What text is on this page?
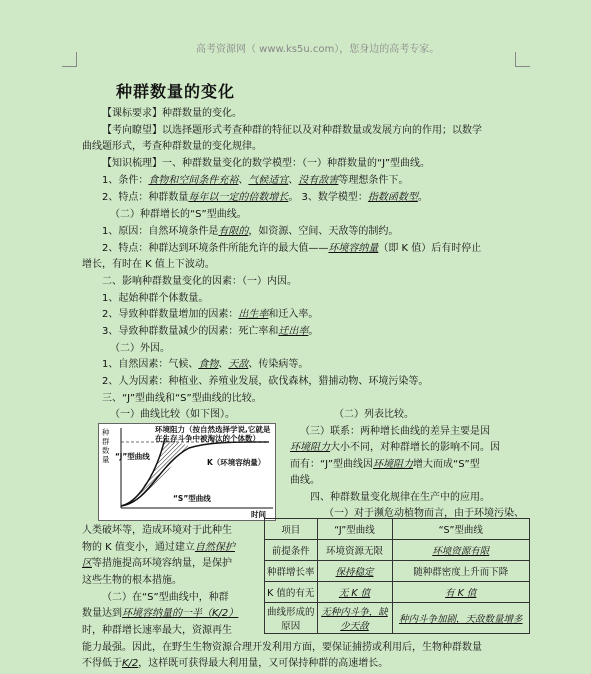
高考资源网（ www.ks5u.com），您身边的高考专家。
种群数量的变化
【课标要求】种群数量的变化。
【考向瞭望】以选择题形式考查种群的特征以及对种群数量或发展方向的作用；以数学
曲线题形式，考查种群数量的变化规律。
【知识梳理】一、种群数量变化的数学模型：（一）种群数量的“J”型曲线。
1、条件：食物和空间条件充裕、气候适宜、没有敌害等理想条件下。
2、特点：种群数量每年以一定的倍数增长。 3、数学模型：指数函数型。
（二）种群增长的“S”型曲线。
1、原因：自然环境条件是有限的，如资源、空间、天敌等的制约。
2、特点：种群达到环境条件所能允许的最大值——环境容纳量（即 K 值）后有时停止
增长，有时在 K 值上下波动。
二、影响种群数量变化的因素：（一）内因。
1、起始种群个体数量。
2、导致种群数量增加的因素：出生率和迁入率。
3、导致种群数量减少的因素：死亡率和迁出率。
（二）外因。
1、自然因素：气候、食物、天敌、传染病等。
2、人为因素：种植业、养殖业发展，砍伐森林，猎捕动物、环境污染等。
三、“J”型曲线和“S”型曲线的比较。
（一）曲线比较（如下图）。	（二）列表比较。
（三）联系：两种增长曲线的差异主要是因
环境阻力大小不同，对种群增长的影响不同。因
而有：“J”型曲线因环境阻力增大而成“S”型
曲线。
四、种群数量变化规律在生产中的应用。
（一）对于濒危动植物而言，由于环境污染、
种群数量
环境阻力（按自然选择学说,它就是在生存斗争中被淘汰的个体数）
“J”型曲线
K（环境容纳量）
“S”型曲线
时间
项目	“J”型曲线	“S”型曲线
前提条件	环境资源无限	环境资源有限
种群增长率	保持稳定	随种群密度上升而下降
K 值的有无	无 K 值	有 K 值
曲线形成的原因	无种内斗争，缺少天敌	种内斗争加剧，天敌数量增多
人类破坏等，造成环境对于此种生
物的 K 值变小，通过建立自然保护
区等措施提高环境容纳量，是保护
这些生物的根本措施。
（二）在“S”型曲线中，种群
数量达到环境容纳量的一半（K/2）
时，种群增长速率最大，资源再生
能力最强。因此，在野生生物资源合理开发利用方面，要保证捕捞或利用后，生物种群数量
不得低于K/2，这样既可获得最大利用量，又可保持种群的高速增长。
